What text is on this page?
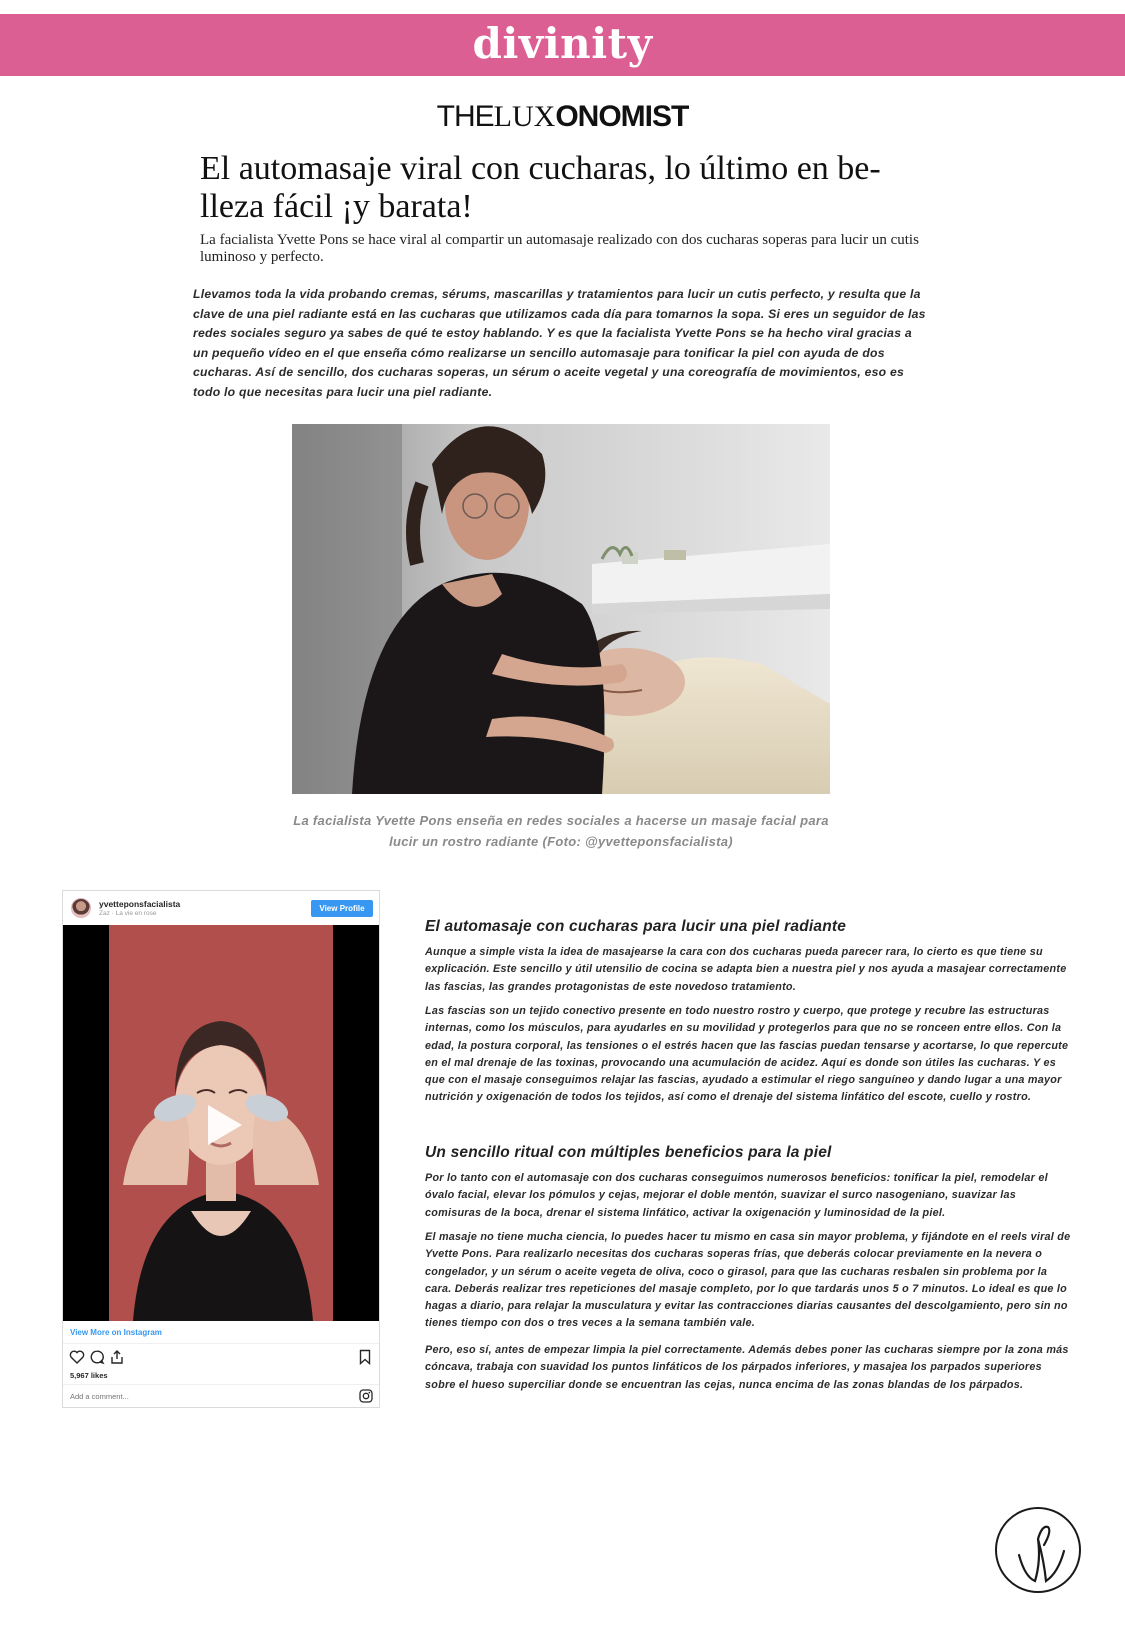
divinity
THELUXONOMIST
El automasaje viral con cucharas, lo último en be-lleza fácil ¡y barata!

La facialista Yvette Pons se hace viral al compartir un automasaje realizado con dos cucharas soperas para lucir un cutis luminoso y perfecto.

Llevamos toda la vida probando cremas, sérums, mascarillas y tratamientos para lucir un cutis perfecto, y resulta que la clave de una piel radiante está en las cucharas que utilizamos cada día para tomarnos la sopa. Si eres un seguidor de las redes sociales seguro ya sabes de qué te estoy hablando. Y es que la facialista Yvette Pons se ha hecho viral gracias a un pequeño vídeo en el que enseña cómo realizarse un sencillo automasaje para tonificar la piel con ayuda de dos cucharas. Así de sencillo, dos cucharas soperas, un sérum o aceite vegetal y una coreografía de movimientos, eso es todo lo que necesitas para lucir una piel radiante.

La facialista Yvette Pons enseña en redes sociales a hacerse un masaje facial para lucir un rostro radiante (Foto: @yvetteponsfacialista)

yvetteponsfacialista
Zaz · La vie en rose
View Profile
View More on Instagram
5,967 likes
Add a comment...
El automasaje con cucharas para lucir una piel radiante

Aunque a simple vista la idea de masajearse la cara con dos cucharas pueda parecer rara, lo cierto es que tiene su explicación. Este sencillo y útil utensilio de cocina se adapta bien a nuestra piel y nos ayuda a masajear correctamente las fascias, las grandes protagonistas de este novedoso tratamiento.

Las fascias son un tejido conectivo presente en todo nuestro rostro y cuerpo, que protege y recubre las estructuras internas, como los músculos, para ayudarles en su movilidad y protegerlos para que no se ronceen entre ellos. Con la edad, la postura corporal, las tensiones o el estrés hacen que las fascias puedan tensarse y acortarse, lo que repercute en el mal drenaje de las toxinas, provocando una acumulación de acidez. Aquí es donde son útiles las cucharas. Y es que con el masaje conseguimos relajar las fascias, ayudado a estimular el riego sanguíneo y dando lugar a una mayor nutrición y oxigenación de todos los tejidos, así como el drenaje del sistema linfático del escote, cuello y rostro.

Un sencillo ritual con múltiples beneficios para la piel

Por lo tanto con el automasaje con dos cucharas conseguimos numerosos beneficios: tonificar la piel, remodelar el óvalo facial, elevar los pómulos y cejas, mejorar el doble mentón, suavizar el surco nasogeniano, suavizar las comisuras de la boca, drenar el sistema linfático, activar la oxigenación y luminosidad de la piel.

El masaje no tiene mucha ciencia, lo puedes hacer tu mismo en casa sin mayor problema, y fijándote en el reels viral de Yvette Pons. Para realizarlo necesitas dos cucharas soperas frías, que deberás colocar previamente en la nevera o congelador, y un sérum o aceite vegeta de oliva, coco o girasol, para que las cucharas resbalen sin problema por la cara. Deberás realizar tres repeticiones del masaje completo, por lo que tardarás unos 5 o 7 minutos. Lo ideal es que lo hagas a diario, para relajar la musculatura y evitar las contracciones diarias causantes del descolgamiento, pero sin no tienes tiempo con dos o tres veces a la semana también vale.

Pero, eso sí, antes de empezar limpia la piel correctamente. Además debes poner las cucharas siempre por la zona más cóncava, trabaja con suavidad los puntos linfáticos de los párpados inferiores, y masajea los parpados superiores sobre el hueso superciliar donde se encuentran las cejas, nunca encima de las zonas blandas de los párpados.
